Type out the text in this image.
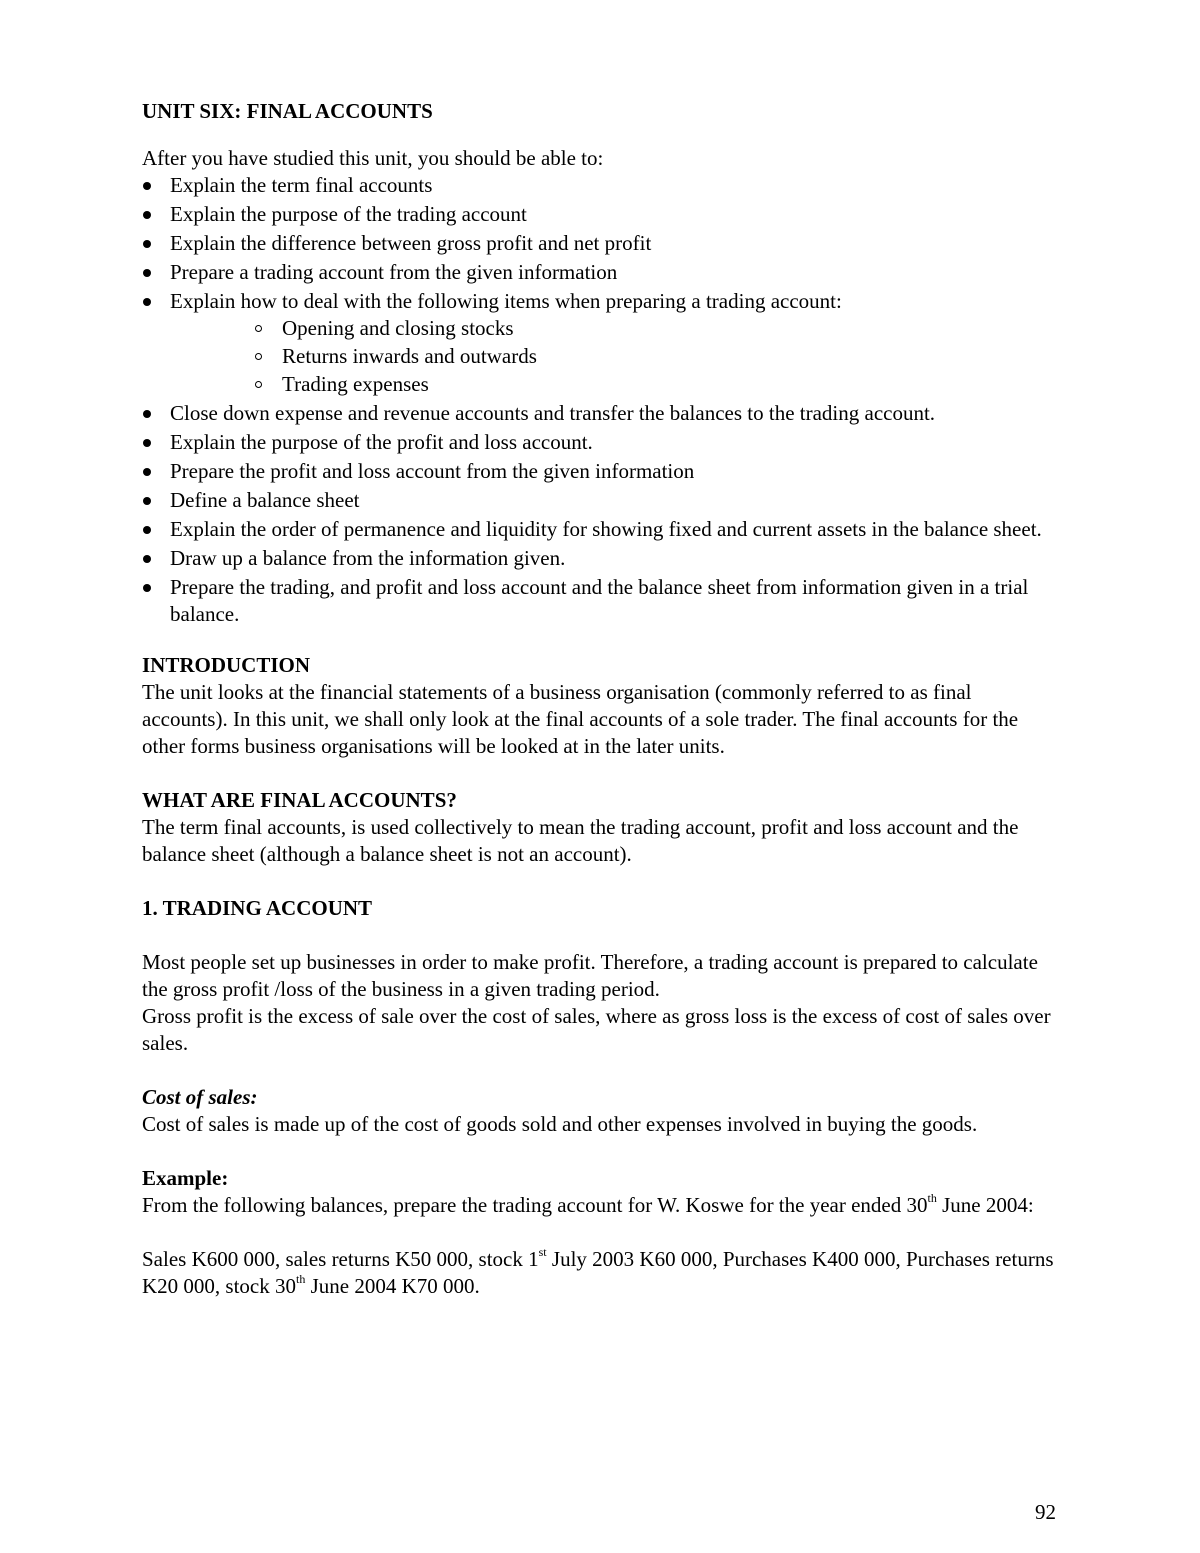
UNIT SIX: FINAL ACCOUNTS

After you have studied this unit, you should be able to:

Explain the term final accounts
Explain the purpose of the trading account
Explain the difference between gross profit and net profit
Prepare a trading account from the given information
Explain how to deal with the following items when preparing a trading account:
Opening and closing stocks
Returns inwards and outwards
Trading expenses
Close down expense and revenue accounts and transfer the balances to the trading account.
Explain the purpose of the profit and loss account.
Prepare the profit and loss account from the given information
Define a balance sheet
Explain the order of permanence and liquidity for showing fixed and current assets in the balance sheet.
Draw up a balance from the information given.
Prepare the trading, and profit and loss account and the balance sheet from information given in a trial balance.

INTRODUCTION

The unit looks at the financial statements of a business organisation (commonly referred to as final accounts). In this unit, we shall only look at the final accounts of a sole trader. The final accounts for the other forms business organisations will be looked at in the later units.

WHAT ARE FINAL ACCOUNTS?

The term final accounts, is used collectively to mean the trading account, profit and loss account and the balance sheet (although a balance sheet is not an account).

1. TRADING ACCOUNT

Most people set up businesses in order to make profit. Therefore, a trading account is prepared to calculate the gross profit /loss of the business in a given trading period.

Gross profit is the excess of sale over the cost of sales, where as gross loss is the excess of cost of sales over sales.

Cost of sales:

Cost of sales is made up of the cost of goods sold and other expenses involved in buying the goods.

Example:

From the following balances, prepare the trading account for W. Koswe for the year ended 30th June 2004:

Sales K600 000, sales returns K50 000, stock 1st July 2003 K60 000, Purchases K400 000, Purchases returns K20 000, stock 30th June 2004 K70 000.

92
